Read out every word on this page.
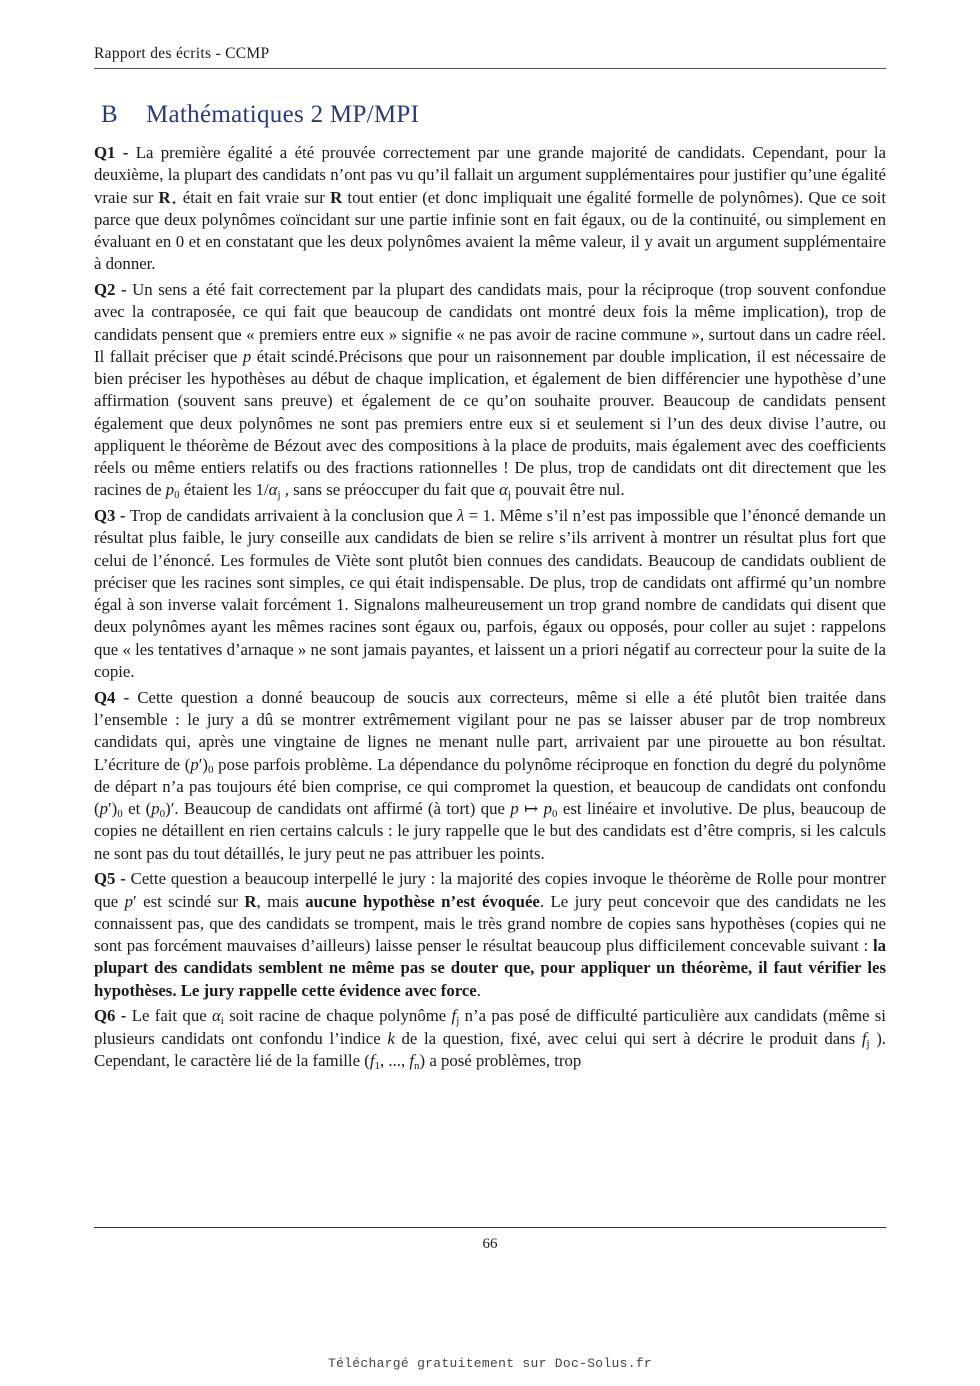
Rapport des écrits - CCMP
B Mathématiques 2 MP/MPI

Q1 - La première égalité a été prouvée correctement par une grande majorité de candidats. Cependant, pour la deuxième, la plupart des candidats n’ont pas vu qu’il fallait un argument supplémentaires pour justifier qu’une égalité vraie sur R⋆ était en fait vraie sur R tout entier (et donc impliquait une égalité formelle de polynômes). Que ce soit parce que deux polynômes coïncidant sur une partie infinie sont en fait égaux, ou de la continuité, ou simplement en évaluant en 0 et en constatant que les deux polynômes avaient la même valeur, il y avait un argument supplémentaire à donner.

Q2 - Un sens a été fait correctement par la plupart des candidats mais, pour la réciproque (trop souvent confondue avec la contraposée, ce qui fait que beaucoup de candidats ont montré deux fois la même implication), trop de candidats pensent que « premiers entre eux » signifie « ne pas avoir de racine commune », surtout dans un cadre réel. Il fallait préciser que p était scindé.Précisons que pour un raisonnement par double implication, il est nécessaire de bien préciser les hypothèses au début de chaque implication, et également de bien différencier une hypothèse d’une affirmation (souvent sans preuve) et également de ce qu’on souhaite prouver. Beaucoup de candidats pensent également que deux polynômes ne sont pas premiers entre eux si et seulement si l’un des deux divise l’autre, ou appliquent le théorème de Bézout avec des compositions à la place de produits, mais également avec des coefficients réels ou même entiers relatifs ou des fractions rationnelles ! De plus, trop de candidats ont dit directement que les racines de p0 étaient les 1/αj , sans se préoccuper du fait que αj pouvait être nul.

Q3 - Trop de candidats arrivaient à la conclusion que λ = 1. Même s’il n’est pas impossible que l’énoncé demande un résultat plus faible, le jury conseille aux candidats de bien se relire s’ils arrivent à montrer un résultat plus fort que celui de l’énoncé. Les formules de Viète sont plutôt bien connues des candidats. Beaucoup de candidats oublient de préciser que les racines sont simples, ce qui était indispensable. De plus, trop de candidats ont affirmé qu’un nombre égal à son inverse valait forcément 1. Signalons malheureusement un trop grand nombre de candidats qui disent que deux polynômes ayant les mêmes racines sont égaux ou, parfois, égaux ou opposés, pour coller au sujet : rappelons que « les tentatives d’arnaque » ne sont jamais payantes, et laissent un a priori négatif au correcteur pour la suite de la copie.

Q4 - Cette question a donné beaucoup de soucis aux correcteurs, même si elle a été plutôt bien traitée dans l’ensemble : le jury a dû se montrer extrêmement vigilant pour ne pas se laisser abuser par de trop nombreux candidats qui, après une vingtaine de lignes ne menant nulle part, arrivaient par une pirouette au bon résultat. L’écriture de (p′)0 pose parfois problème. La dépendance du polynôme réciproque en fonction du degré du polynôme de départ n’a pas toujours été bien comprise, ce qui compromet la question, et beaucoup de candidats ont confondu (p′)0 et (p0)′. Beaucoup de candidats ont affirmé (à tort) que p ↦ p0 est linéaire et involutive. De plus, beaucoup de copies ne détaillent en rien certains calculs : le jury rappelle que le but des candidats est d’être compris, si les calculs ne sont pas du tout détaillés, le jury peut ne pas attribuer les points.

Q5 - Cette question a beaucoup interpellé le jury : la majorité des copies invoque le théorème de Rolle pour montrer que p′ est scindé sur R, mais aucune hypothèse n’est évoquée. Le jury peut concevoir que des candidats ne les connaissent pas, que des candidats se trompent, mais le très grand nombre de copies sans hypothèses (copies qui ne sont pas forcément mauvaises d’ailleurs) laisse penser le résultat beaucoup plus difficilement concevable suivant : la plupart des candidats semblent ne même pas se douter que, pour appliquer un théorème, il faut vérifier les hypothèses. Le jury rappelle cette évidence avec force.

Q6 - Le fait que αi soit racine de chaque polynôme fj n’a pas posé de difficulté particulière aux candidats (même si plusieurs candidats ont confondu l’indice k de la question, fixé, avec celui qui sert à décrire le produit dans fj ). Cependant, le caractère lié de la famille (f1, ..., fn) a posé problèmes, trop

66
Téléchargé gratuitement sur Doc-Solus.fr
